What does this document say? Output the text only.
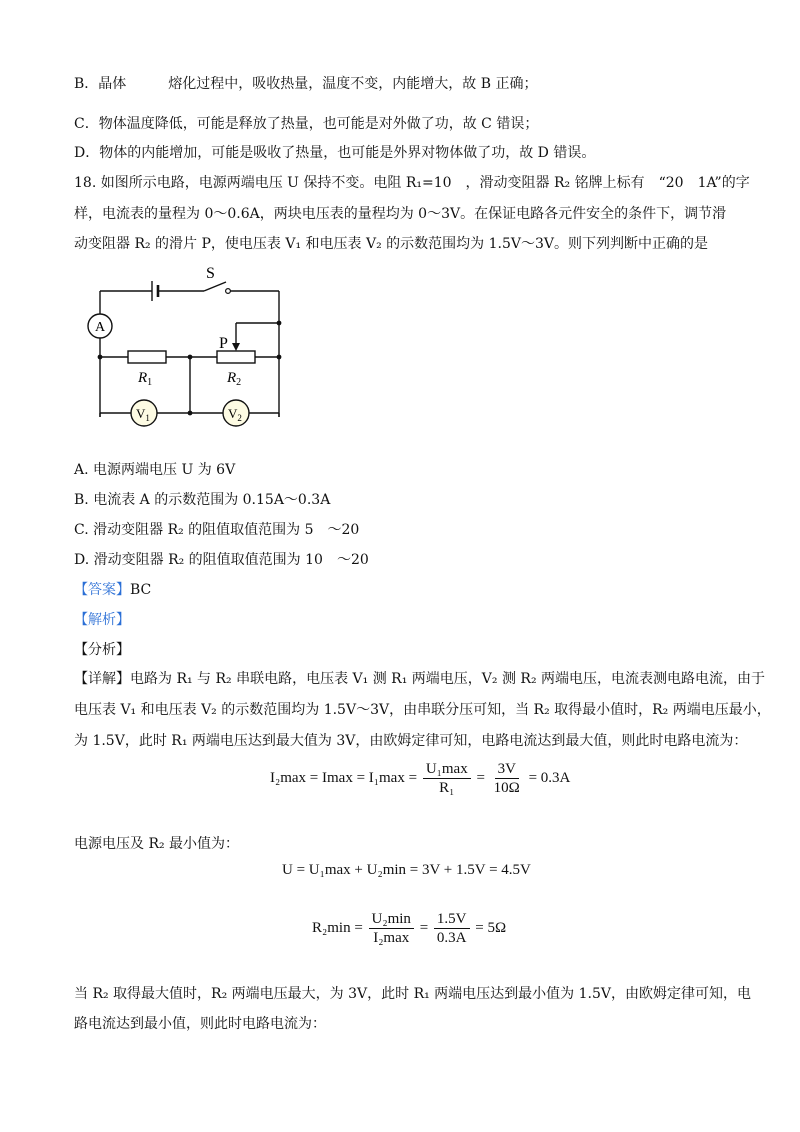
B．晶体　　　熔化过程中，吸收热量，温度不变，内能增大，故 B 正确；
C．物体温度降低，可能是释放了热量，也可能是对外做了功，故 C 错误；
D．物体的内能增加，可能是吸收了热量，也可能是外界对物体做了功，故 D 错误。
18. 如图所示电路，电源两端电压 U 保持不变。电阻 R₁=10　，滑动变阻器 R₂ 铭牌上标有　“20　1A”的字
样，电流表的量程为 0～0.6A，两块电压表的量程均为 0～3V。在保证电路各元件安全的条件下，调节滑
动变阻器 R₂ 的滑片 P，使电压表 V₁ 和电压表 V₂ 的示数范围均为 1.5V～3V。则下列判断中正确的是
S
A
P
$R_1$	$R_2$
$V_1$	$V_2$
A. 电源两端电压 U 为 6V
B. 电流表 A 的示数范围为 0.15A～0.3A
C. 滑动变阻器 R₂ 的阻值取值范围为 5　～20
D. 滑动变阻器 R₂ 的阻值取值范围为 10　～20
【答案】BC
【解析】
【分析】
【详解】电路为 R₁ 与 R₂ 串联电路，电压表 V₁ 测 R₁ 两端电压，V₂ 测 R₂ 两端电压，电流表测电路电流，由于
电压表 V₁ 和电压表 V₂ 的示数范围均为 1.5V～3V，由串联分压可知，当 R₂ 取得最小值时，R₂ 两端电压最小，
为 1.5V，此时 R₁ 两端电压达到最大值为 3V，由欧姆定律可知，电路电流达到最大值，则此时电路电流为：
$I_2\max = Imax = I_1\max = \frac{\text{U₁max}}{\text{R₁}} = \frac{3V}{10\Omega} = 0.3A$
电源电压及 R₂ 最小值为：
U = U₁max + U₂min = 3V + 1.5V = 4.5V
$R_2\min = \frac{\text{U₂min}}{\text{I₂max}} = \frac{1.5V}{0.3A} = 5\Omega$
当 R₂ 取得最大值时，R₂ 两端电压最大，为 3V，此时 R₁ 两端电压达到最小值为 1.5V，由欧姆定律可知，电
路电流达到最小值，则此时电路电流为：
